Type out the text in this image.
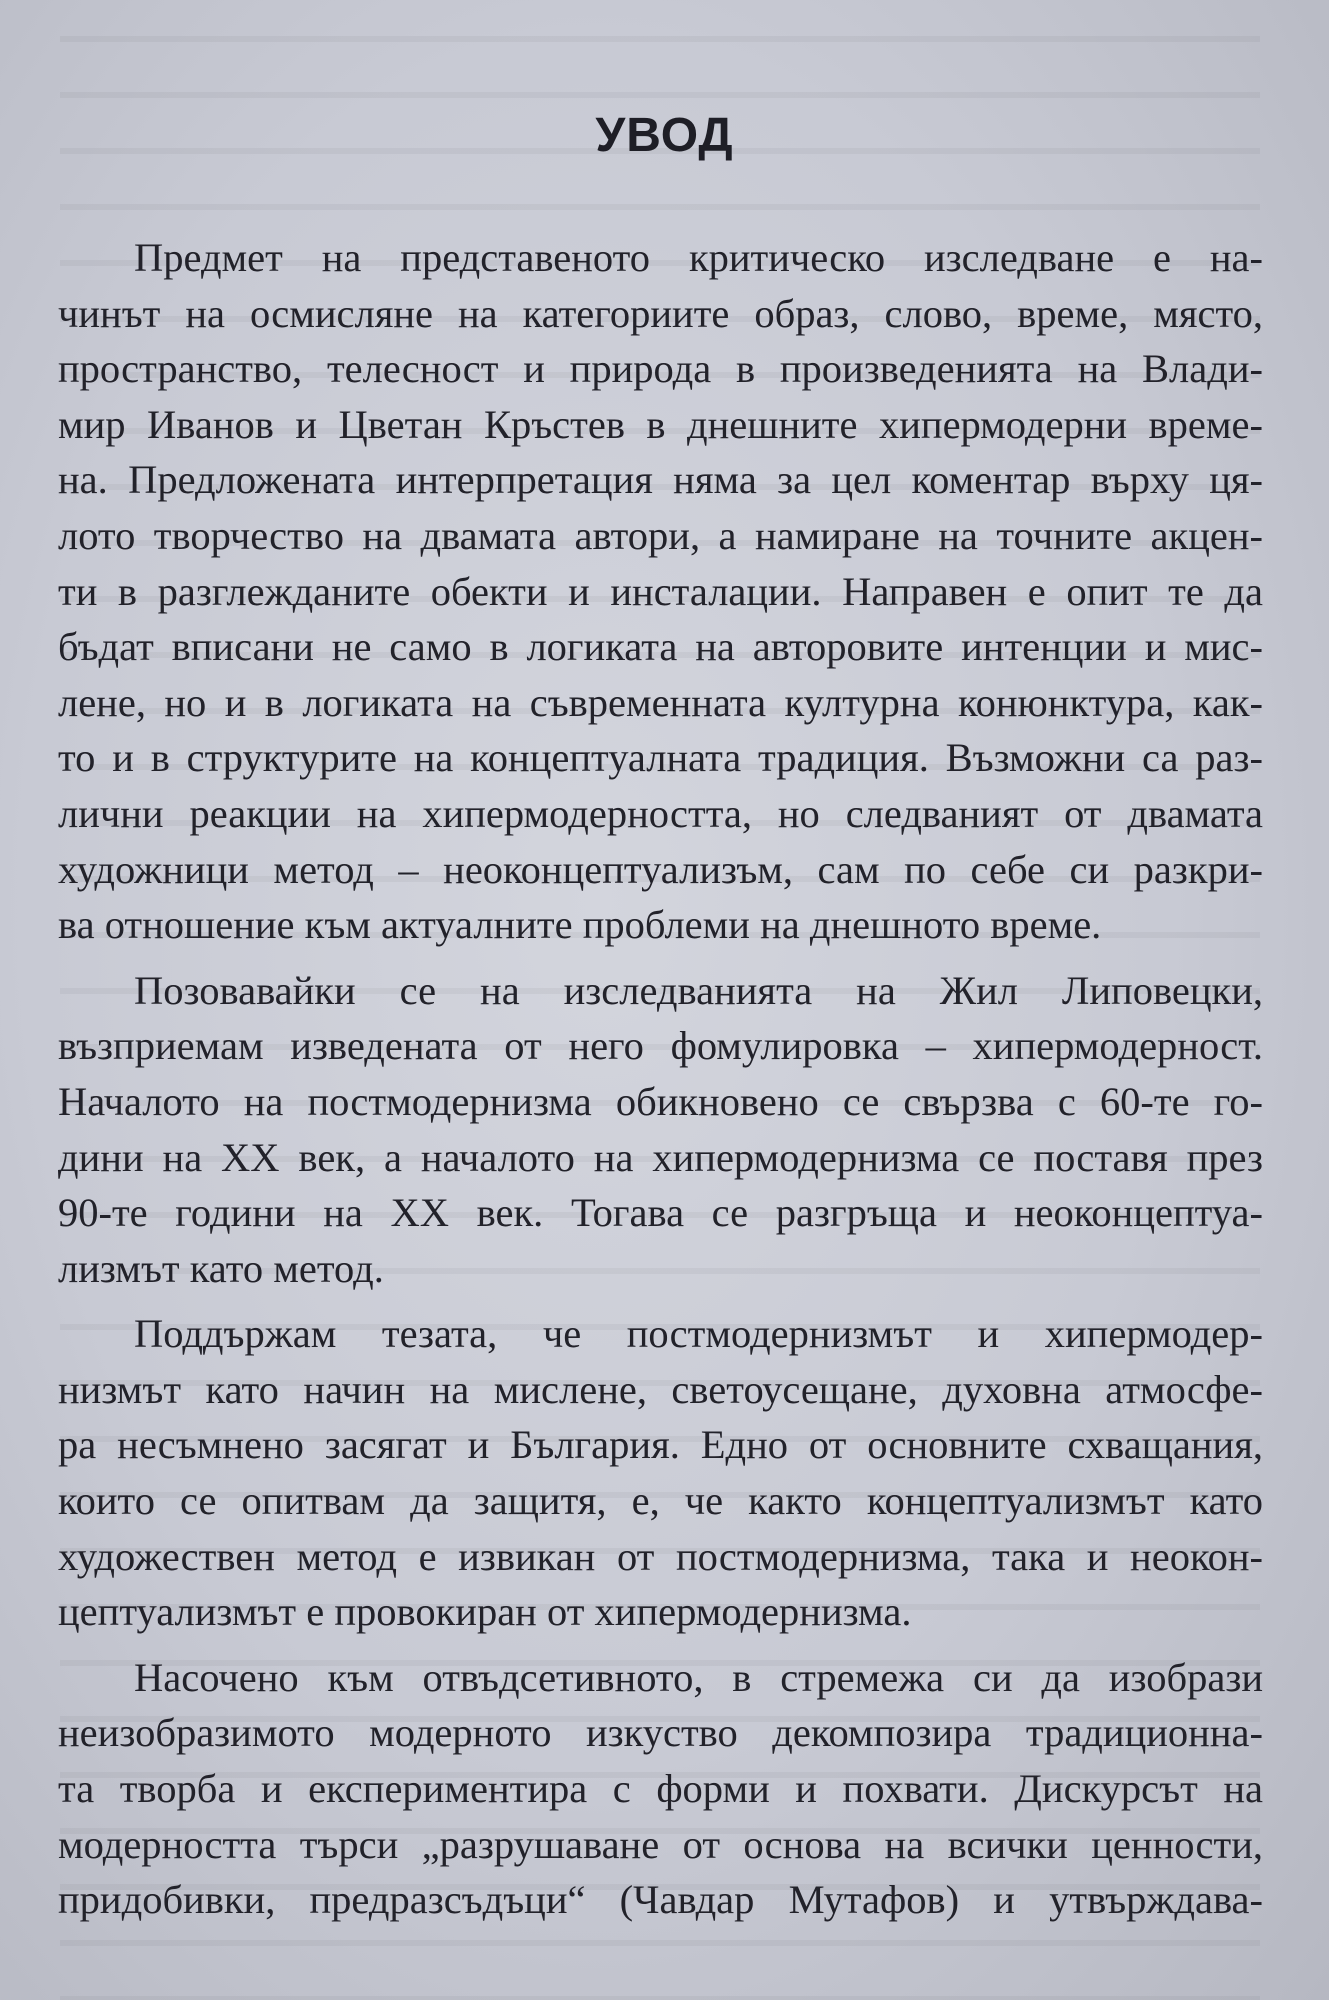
УВОД
Предмет на представеното критическо изследване е на-
чинът на осмисляне на категориите образ, слово, време, място,
пространство, телесност и природа в произведенията на Влади-
мир Иванов и Цветан Кръстев в днешните хипермодерни време-
на. Предложената интерпретация няма за цел коментар върху ця-
лото творчество на двамата автори, а намиране на точните акцен-
ти в разглежданите обекти и инсталации. Направен е опит те да
бъдат вписани не само в логиката на авторовите интенции и мис-
лене, но и в логиката на съвременната културна конюнктура, как-
то и в структурите на концептуалната традиция. Възможни са раз-
лични реакции на хипермодерността, но следваният от двамата
художници метод – неоконцептуализъм, сам по себе си разкри-
ва отношение към актуалните проблеми на днешното време.
Позовавайки се на изследванията на Жил Липовецки,
възприемам изведената от него фомулировка – хипермодерност.
Началото на постмодернизма обикновено се свързва с 60-те го-
дини на XX век, а началото на хипермодернизма се поставя през
90-те години на XX век. Тогава се разгръща и неоконцептуа-
лизмът като метод.
Поддържам тезата, че постмодернизмът и хипермодер-
низмът като начин на мислене, светоусещане, духовна атмосфе-
ра несъмнено засягат и България. Едно от основните схващания,
които се опитвам да защитя, е, че както концептуализмът като
художествен метод е извикан от постмодернизма, така и неокон-
цептуализмът е провокиран от хипермодернизма.
Насочено към отвъдсетивното, в стремежа си да изобрази
неизобразимото модерното изкуство декомпозира традиционна-
та творба и експериментира с форми и похвати. Дискурсът на
модерността търси „разрушаване от основа на всички ценности,
придобивки, предразсъдъци“ (Чавдар Мутафов) и утвърждава-
